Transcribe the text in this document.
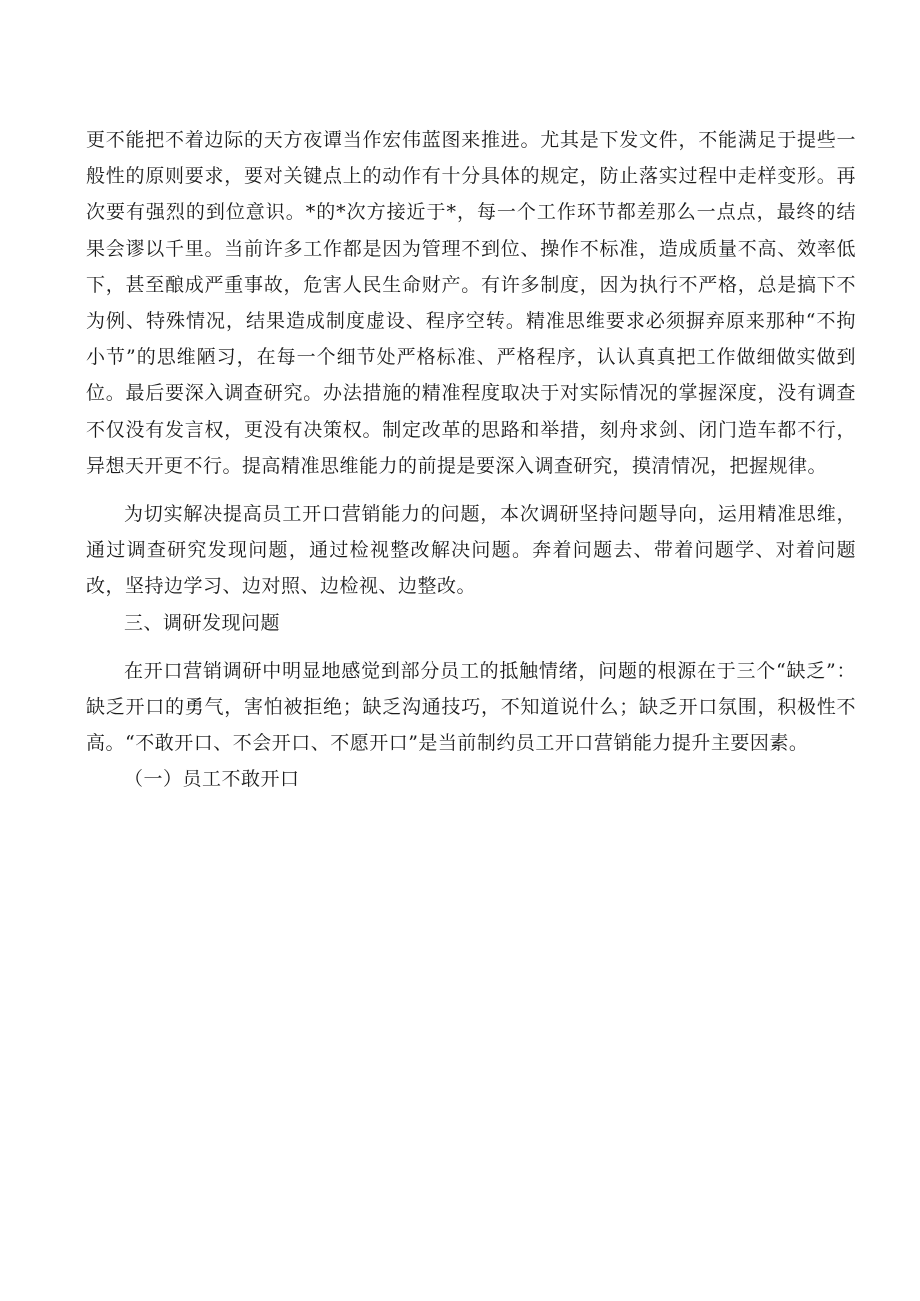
更不能把不着边际的天方夜谭当作宏伟蓝图来推进。尤其是下发文件，不能满足于提些一般性的原则要求，要对关键点上的动作有十分具体的规定，防止落实过程中走样变形。再次要有强烈的到位意识。*的*次方接近于*，每一个工作环节都差那么一点点，最终的结果会谬以千里。当前许多工作都是因为管理不到位、操作不标准，造成质量不高、效率低下，甚至酿成严重事故，危害人民生命财产。有许多制度，因为执行不严格，总是搞下不为例、特殊情况，结果造成制度虚设、程序空转。精准思维要求必须摒弃原来那种“不拘小节”的思维陋习，在每一个细节处严格标准、严格程序，认认真真把工作做细做实做到位。最后要深入调查研究。办法措施的精准程度取决于对实际情况的掌握深度，没有调查不仅没有发言权，更没有决策权。制定改革的思路和举措，刻舟求剑、闭门造车都不行，异想天开更不行。提高精准思维能力的前提是要深入调查研究，摸清情况，把握规律。

为切实解决提高员工开口营销能力的问题，本次调研坚持问题导向，运用精准思维，通过调查研究发现问题，通过检视整改解决问题。奔着问题去、带着问题学、对着问题改，坚持边学习、边对照、边检视、边整改。

三、调研发现问题

在开口营销调研中明显地感觉到部分员工的抵触情绪，问题的根源在于三个“缺乏”：缺乏开口的勇气，害怕被拒绝；缺乏沟通技巧，不知道说什么；缺乏开口氛围，积极性不高。“不敢开口、不会开口、不愿开口”是当前制约员工开口营销能力提升主要因素。

（一）员工不敢开口
